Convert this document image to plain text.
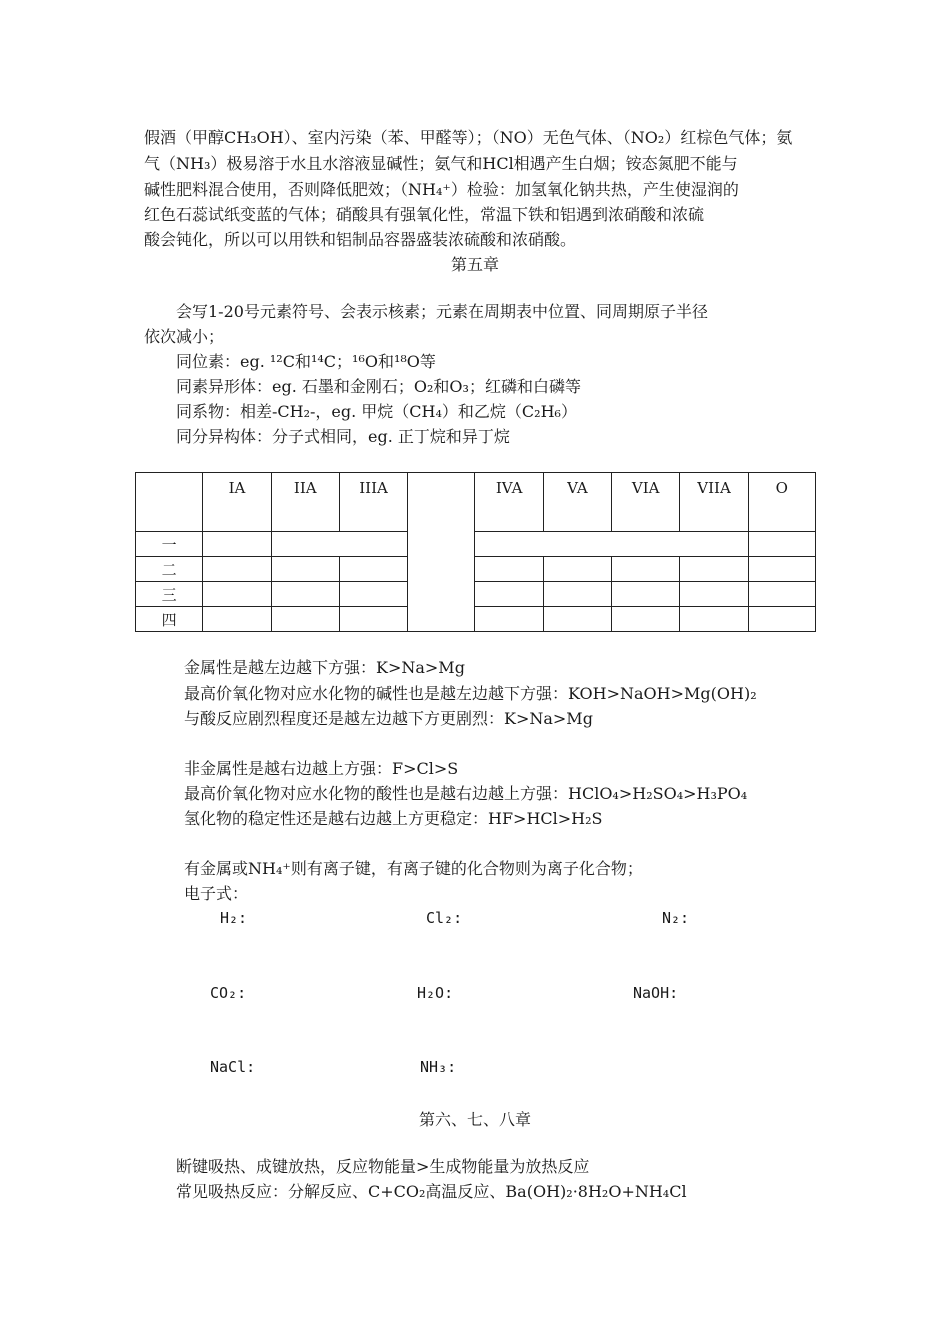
假酒（甲醇CH₃OH）、室内污染（苯、甲醛等）；（NO）无色气体、（NO₂）红棕色气体；氨
气（NH₃）极易溶于水且水溶液显碱性；氨气和HCl相遇产生白烟；铵态氮肥不能与
碱性肥料混合使用，否则降低肥效；（NH₄⁺）检验：加氢氧化钠共热，产生使湿润的
红色石蕊试纸变蓝的气体；硝酸具有强氧化性，常温下铁和铝遇到浓硝酸和浓硫
酸会钝化，所以可以用铁和铝制品容器盛装浓硫酸和浓硝酸。
第五章
会写1-20号元素符号、会表示核素；元素在周期表中位置、同周期原子半径
依次减小；
同位素：eg. ¹²C和¹⁴C；¹⁶O和¹⁸O等
同素异形体：eg. 石墨和金刚石；O₂和O₃；红磷和白磷等
同系物：相差-CH₂-，eg. 甲烷（CH₄）和乙烷（C₂H₆）
同分异构体：分子式相同，eg. 正丁烷和异丁烷
	IA	IIA	IIIA		IVA	VA	VIA	VIIA	O
一									
二									
三									
四									
金属性是越左边越下方强：K>Na>Mg
最高价氧化物对应水化物的碱性也是越左边越下方强：KOH>NaOH>Mg(OH)₂
与酸反应剧烈程度还是越左边越下方更剧烈：K>Na>Mg
非金属性是越右边越上方强：F>Cl>S
最高价氧化物对应水化物的酸性也是越右边越上方强：HClO₄>H₂SO₄>H₃PO₄
氢化物的稳定性还是越右边越上方更稳定：HF>HCl>H₂S
有金属或NH₄⁺则有离子键，有离子键的化合物则为离子化合物；
电子式：
H₂:	Cl₂:	N₂:
CO₂:	H₂O:	NaOH:
NaCl:	NH₃:
第六、七、八章
断键吸热、成键放热，反应物能量>生成物能量为放热反应
常见吸热反应：分解反应、C+CO₂高温反应、Ba(OH)₂·8H₂O+NH₄Cl
